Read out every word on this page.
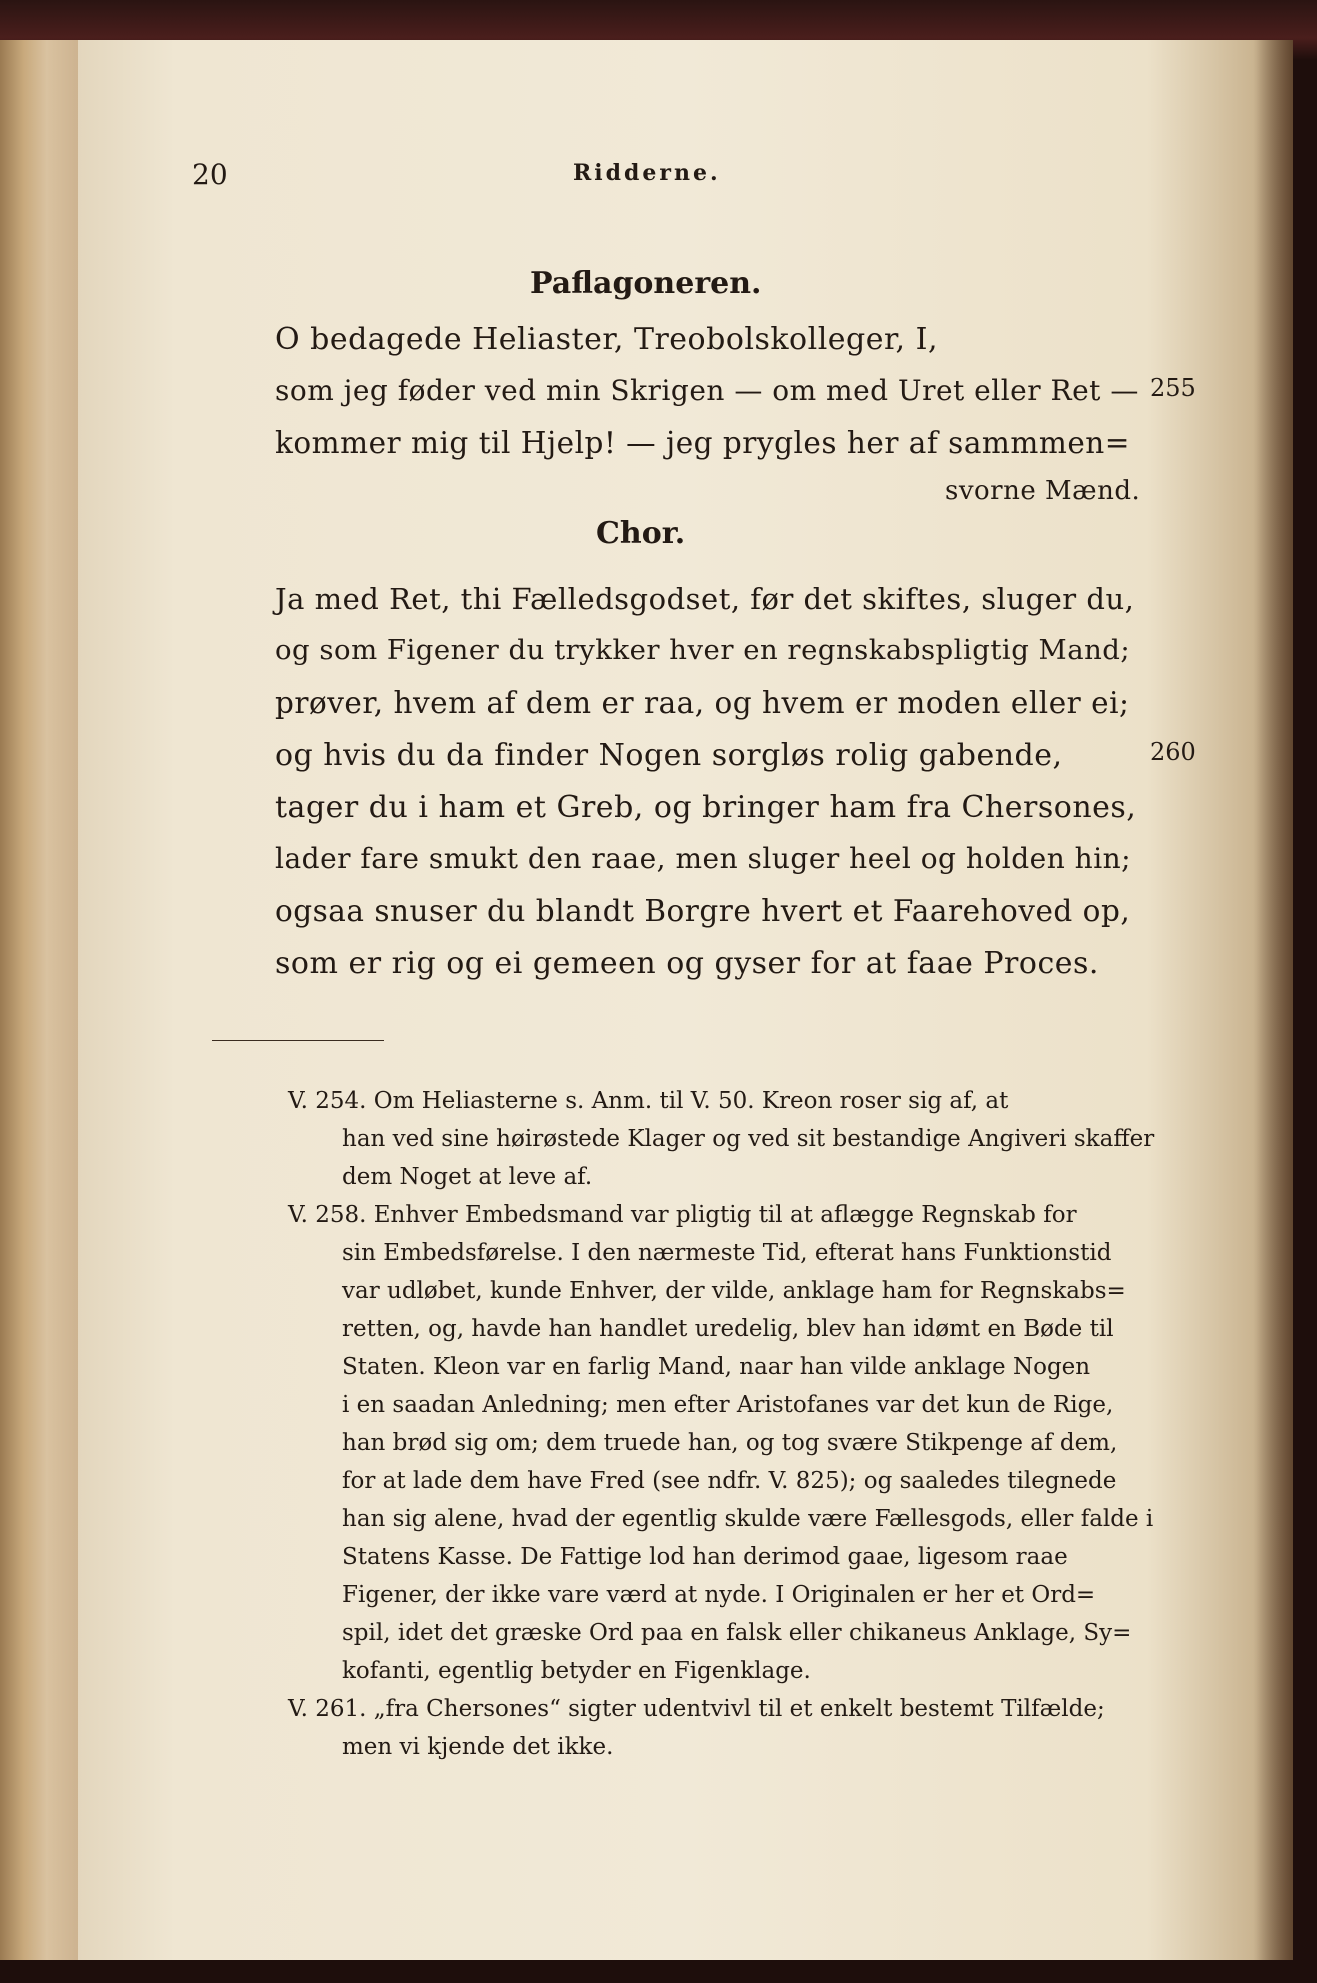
20	Ridderne.
Paflagoneren.
O bedagede Heliaster, Treobolskolleger, I,
som jeg føder ved min Skrigen — om med Uret eller Ret — 255
kommer mig til Hjelp! — jeg prygles her af sammmen=
svorne Mænd.
Chor.
Ja med Ret, thi Fælledsgodset, før det skiftes, sluger du,
og som Figener du trykker hver en regnskabspligtig Mand;
prøver, hvem af dem er raa, og hvem er moden eller ei;
og hvis du da finder Nogen sorgløs rolig gabende,	260
tager du i ham et Greb, og bringer ham fra Chersones,
lader fare smukt den raae, men sluger heel og holden hin;
ogsaa snuser du blandt Borgre hvert et Faarehoved op,
som er rig og ei gemeen og gyser for at faae Proces.
V. 254. Om Heliasterne s. Anm. til V. 50. Kreon roser sig af, at
han ved sine høirøstede Klager og ved sit bestandige Angiveri skaffer
dem Noget at leve af.
V. 258. Enhver Embedsmand var pligtig til at aflægge Regnskab for
sin Embedsførelse. I den nærmeste Tid, efterat hans Funktionstid
var udløbet, kunde Enhver, der vilde, anklage ham for Regnskabs=
retten, og, havde han handlet uredelig, blev han idømt en Bøde til
Staten. Kleon var en farlig Mand, naar han vilde anklage Nogen
i en saadan Anledning; men efter Aristofanes var det kun de Rige,
han brød sig om; dem truede han, og tog svære Stikpenge af dem,
for at lade dem have Fred (see ndfr. V. 825); og saaledes tilegnede
han sig alene, hvad der egentlig skulde være Fællesgods, eller falde i
Statens Kasse. De Fattige lod han derimod gaae, ligesom raae
Figener, der ikke vare værd at nyde. I Originalen er her et Ord=
spil, idet det græske Ord paa en falsk eller chikaneus Anklage, Sy=
kofanti, egentlig betyder en Figenklage.
V. 261. „fra Chersones“ sigter udentvivl til et enkelt bestemt Tilfælde;
men vi kjende det ikke.
